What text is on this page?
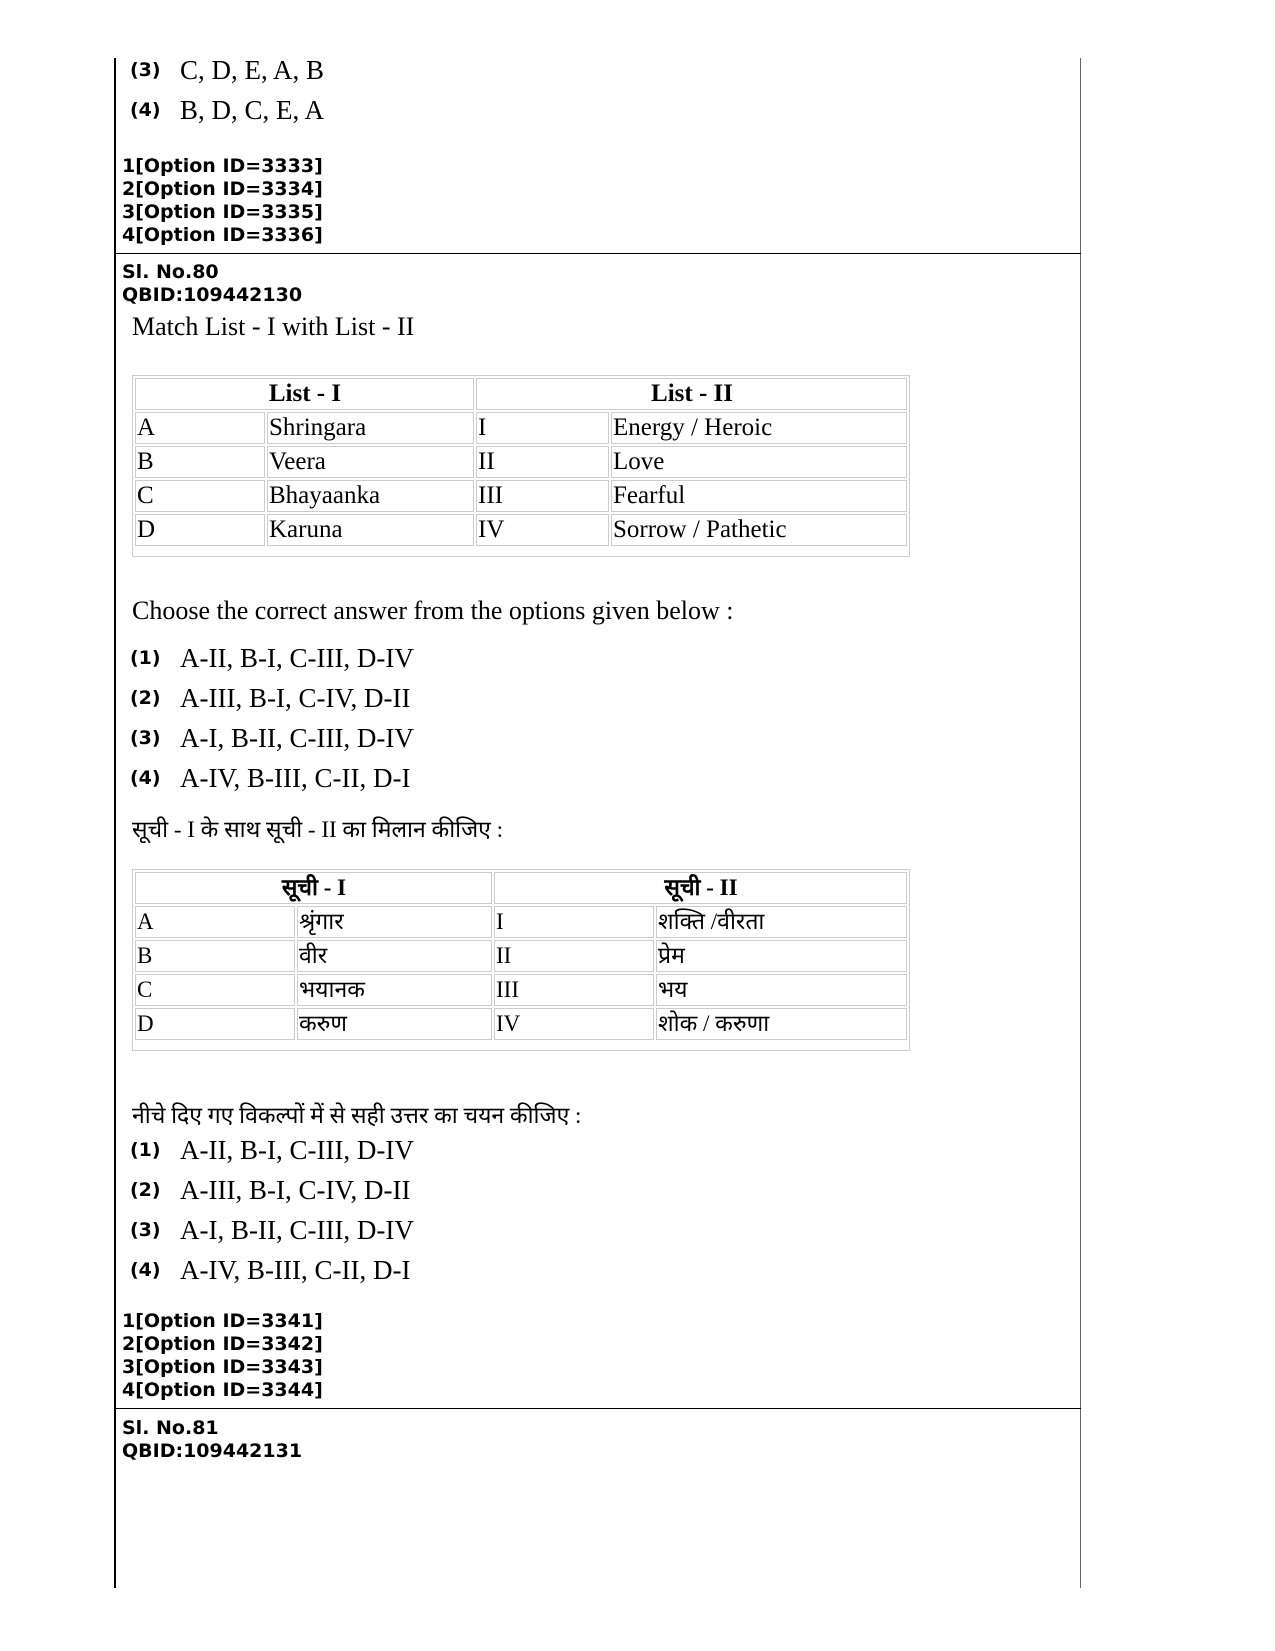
(3) C, D, E, A, B
(4) B, D, C, E, A
1[Option ID=3333]
2[Option ID=3334]
3[Option ID=3335]
4[Option ID=3336]
Sl. No.80
QBID:109442130
Match List - I with List - II
List - I		List - II	
A	Shringara	I	Energy / Heroic
B	Veera	II	Love
C	Bhayaanka	III	Fearful
D	Karuna	IV	Sorrow / Pathetic

Choose the correct answer from the options given below :
(1) A-II, B-I, C-III, D-IV
(2) A-III, B-I, C-IV, D-II
(3) A-I, B-II, C-III, D-IV
(4) A-IV, B-III, C-II, D-I
सूची - I के साथ सूची - II का मिलान कीजिए :
सूची - I		सूची - II	
A	श्रृंगार	I	शक्ति /वीरता
B	वीर	II	प्रेम
C	भयानक	III	भय
D	करुण	IV	शोक / करुणा

नीचे दिए गए विकल्पों में से सही उत्तर का चयन कीजिए :
(1) A-II, B-I, C-III, D-IV
(2) A-III, B-I, C-IV, D-II
(3) A-I, B-II, C-III, D-IV
(4) A-IV, B-III, C-II, D-I
1[Option ID=3341]
2[Option ID=3342]
3[Option ID=3343]
4[Option ID=3344]
Sl. No.81
QBID:109442131
